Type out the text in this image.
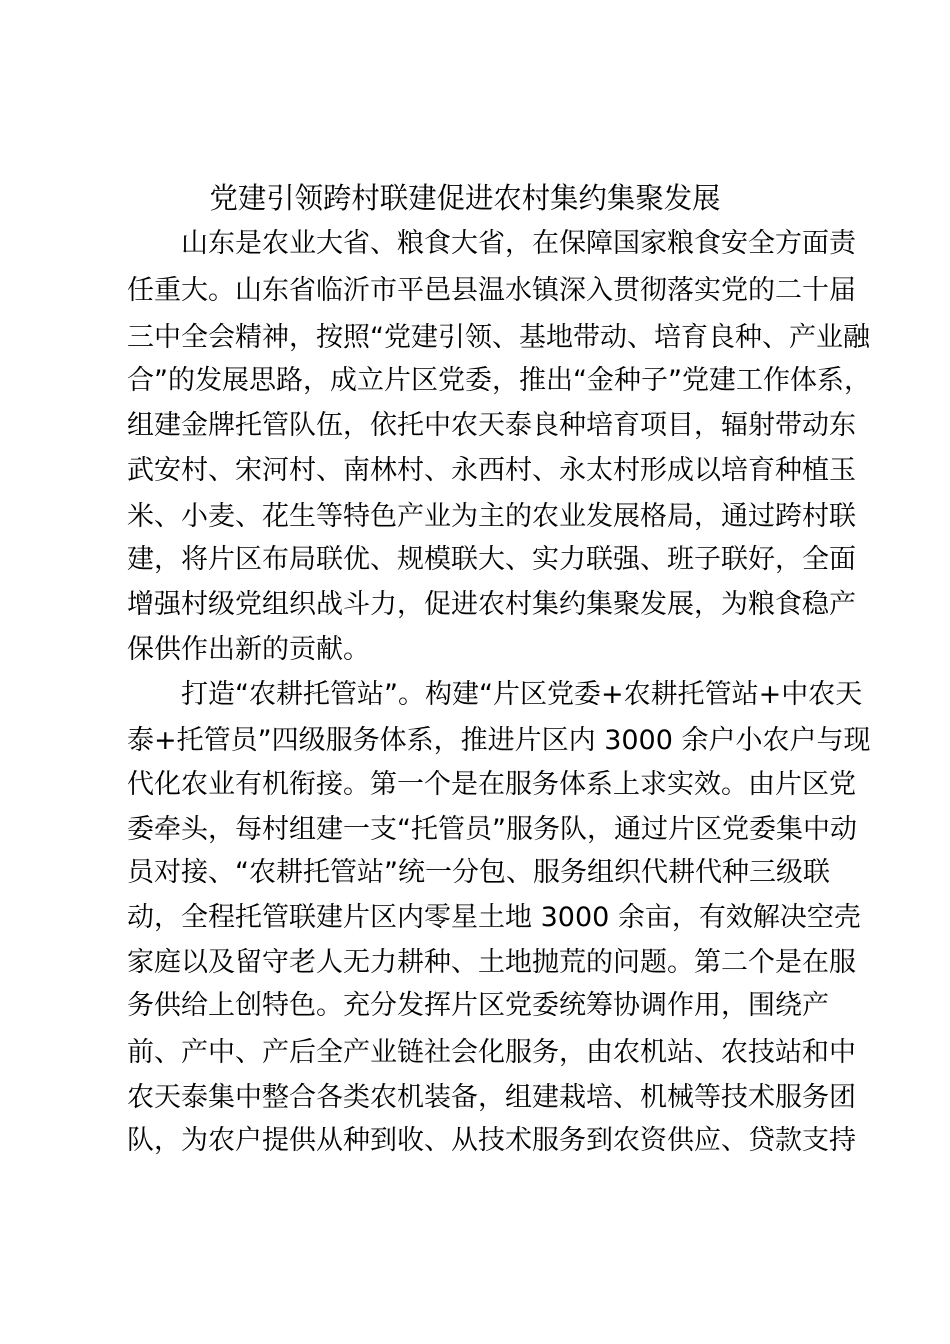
党建引领跨村联建促进农村集约集聚发展
山东是农业大省、粮食大省，在保障国家粮食安全方面责
任重大。山东省临沂市平邑县温水镇深入贯彻落实党的二十届
三中全会精神，按照“党建引领、基地带动、培育良种、产业融
合”的发展思路，成立片区党委，推出“金种子”党建工作体系，
组建金牌托管队伍，依托中农天泰良种培育项目，辐射带动东
武安村、宋河村、南林村、永西村、永太村形成以培育种植玉
米、小麦、花生等特色产业为主的农业发展格局，通过跨村联
建，将片区布局联优、规模联大、实力联强、班子联好，全面
增强村级党组织战斗力，促进农村集约集聚发展，为粮食稳产
保供作出新的贡献。
打造“农耕托管站”。构建“片区党委+农耕托管站+中农天
泰+托管员”四级服务体系，推进片区内 3000 余户小农户与现
代化农业有机衔接。第一个是在服务体系上求实效。由片区党
委牵头，每村组建一支“托管员”服务队，通过片区党委集中动
员对接、“农耕托管站”统一分包、服务组织代耕代种三级联
动，全程托管联建片区内零星土地 3000 余亩，有效解决空壳
家庭以及留守老人无力耕种、土地抛荒的问题。第二个是在服
务供给上创特色。充分发挥片区党委统筹协调作用，围绕产
前、产中、产后全产业链社会化服务，由农机站、农技站和中
农天泰集中整合各类农机装备，组建栽培、机械等技术服务团
队，为农户提供从种到收、从技术服务到农资供应、贷款支持
